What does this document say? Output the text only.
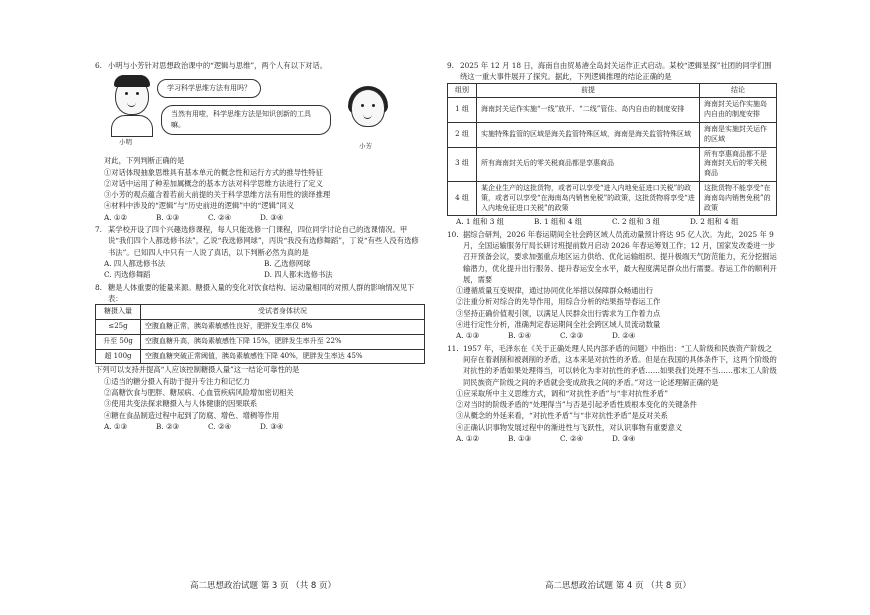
6. 小明与小芳针对思想政治课中的“逻辑与思维”，两个人有以下对话。
小明
学习科学思维方法有用吗？
当然有用啦，科学思维方法是知识创新的工具嘛。
小芳
对此，下列判断正确的是
①对话体现抽象思维具有基本单元的概念性和运行方式的推导性特征
②对话中运用了种差加属概念的基本方法对科学思维方法进行了定义
③小芳的观点蕴含着若前大前提的关于科学思维方法有用性的演绎推理
④材料中涉及的“逻辑”与“历史前进的逻辑”中的“逻辑”同义
A. ①②	B. ①③	C. ②④	D. ③④
7. 某学校开设了四个兴趣选修课程，每人只能选修一门课程，四位同学讨论自己的选课情况。甲说“我们四个人都选修书法”，乙说“我选修网球”，丙说“我没有选修舞蹈”，丁说“有些人没有选修书法”。已知四人中只有一人说了真话，以下判断必然为真的是
A. 四人都选修书法	B. 乙选修网球
C. 丙选修舞蹈	D. 四人都未选修书法
8. 糖是人体重要的能量来源。糖摄入量的变化对饮食结构、运动量相同的对照人群的影响情况见下表：
糖摄入量	受试者身体状况
≤25g	空腹血糖正常，胰岛素敏感性良好，肥胖发生率仅 8%
升至 50g	空腹血糖升高，胰岛素敏感性下降 15%，肥胖发生率升至 22%
超 100g	空腹血糖突破正常阈值，胰岛素敏感性下降 40%，肥胖发生率达 45%
下列可以支持并提高“人应该控制糖摄入量”这一结论可靠性的是
①适当的糖分摄入有助于提升专注力和记忆力
②高糖饮食与肥胖、糖尿病、心血管疾病风险增加密切相关
③使用共变法探求糖摄入与人体健康的因果联系
④糖在食品制造过程中起到了防腐、增色、增稠等作用
A. ①③	B. ②③	C. ②④	D. ③④
9. 2025 年 12 月 18 日，海南自由贸易港全岛封关运作正式启动。某校“逻辑星探”社团的同学们围绕这一重大事件展开了探究。据此，下列逻辑推理的结论正确的是
组别	前提	结论
1 组	海南封关运作实施“一线”放开、“二线”管住、岛内自由的制度安排	海南封关运作实施岛内自由的制度安排
2 组	实施特殊监管的区域是海关监管特殊区域，海南是海关监管特殊区域	海南是实施封关运作的区域
3 组	所有海南封关后的零关税商品都是享惠商品	所有享惠商品都不是海南封关后的零关税商品
4 组	某企业生产的这批货物，或者可以享受“进入内地免征进口关税”的政策，或者可以享受“在海南岛内销售免税”的政策，这批货物将享受“进入内地免征进口关税”的政策	这批货物不能享受“在海南岛内销售免税”的政策
A. 1 组和 3 组	B. 1 组和 4 组	C. 2 组和 3 组	D. 2 组和 4 组
10. 据综合研判，2026 年春运期间全社会跨区域人员流动量预计将达 95 亿人次。为此，2025 年 9 月，全国运输服务厅局长研讨班提前数月启动 2026 年春运筹划工作；12 月，国家发改委进一步召开预备会议，要求加强重点地区运力供给、优化运输组织、提升极端天气防范能力，充分挖掘运输潜力，优化提升出行服务、提升春运安全水平，最大程度满足群众出行需要。春运工作的顺利开展，需要
①遵循质量互变规律，通过协同优化举措以保障群众畅通出行
②注重分析对综合的先导作用，用综合分析的结果指导春运工作
③坚持正确价值观引领，以满足人民群众出行需求为工作着力点
④进行定性分析，准确判定春运期间全社会跨区域人员流动数量
A. ①③	B. ①④	C. ②③	D. ②④
11. 1957 年，毛泽东在《关于正确处理人民内部矛盾的问题》中指出：“工人阶级和民族资产阶级之间存在着剥削和被剥削的矛盾，这本来是对抗性的矛盾。但是在我国的具体条件下，这两个阶级的对抗性的矛盾如果处理得当，可以转化为非对抗性的矛盾……如果我们处理不当……那末工人阶级同民族资产阶级之间的矛盾就会变成敌我之间的矛盾。”对这一论述理解正确的是
①应采取所中主义思维方式，调和“对抗性矛盾”与“非对抗性矛盾”
②对当时的阶级矛盾的“处理得当”与否是引起矛盾性质根本变化的关键条件
③从概念的外延来看，“对抗性矛盾”与“非对抗性矛盾”是反对关系
④正确认识事物发展过程中的渐进性与飞跃性，对认识事物有重要意义
A. ①②	B. ①③	C. ②④	D. ③④
高二思想政治试题 第 3 页 （共 8 页）	高二思想政治试题 第 4 页 （共 8 页）
